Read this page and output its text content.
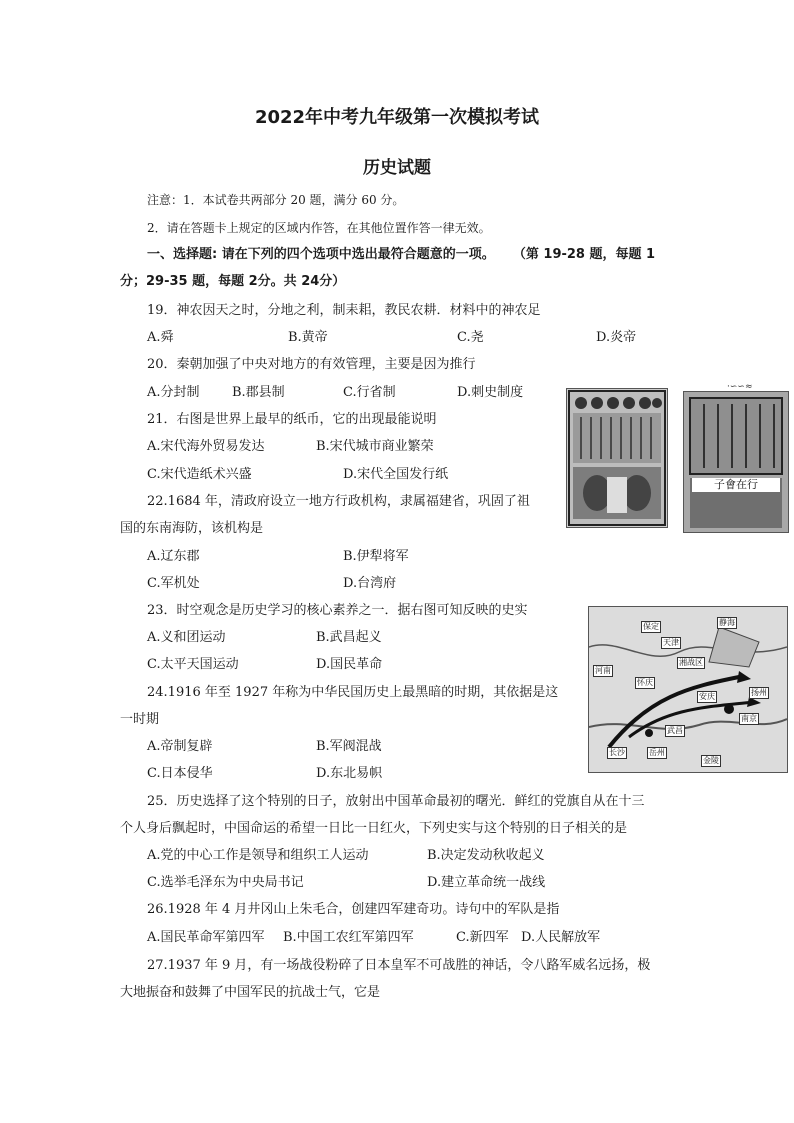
2022年中考九年级第一次模拟考试
历史试题
注意：1．本试卷共两部分 20 题，满分 60 分。
2．请在答题卡上规定的区域内作答，在其他位置作答一律无效。
一、选择题: 请在下列的四个选项中选出最符合题意的一项。 （第 19-28 题，每题 1
分；29-35 题，每题 2分。共 24分）
19．神农因天之时，分地之利，制耒耜，教民农耕．材料中的神农足
A.舜	B.黄帝	C.尧	D.炎帝
20．秦朝加强了中央对地方的有效管理，主要是因为推行
A.分封制 B.郡县制	C.行省制	D.刺史制度
21．右图是世界上最早的纸币，它的出现最能说明
A.宋代海外贸易发达	B.宋代城市商业繁荣
C.宋代造纸术兴盛	D.宋代全国发行纸
22.1684 年，清政府设立一地方行政机构，隶属福建省，巩固了祖
国的东南海防，该机构是
A.辽东郡	B.伊犁将军
C.军机处	D.台湾府
23．时空观念是历史学习的核心素养之一．据右图可知反映的史实
A.义和团运动	B.武昌起义
C.太平天国运动	D.国民革命
24.1916 年至 1927 年称为中华民国历史上最黑暗的时期，其依据是这
一时期
A.帝制复辟	B.军阀混战
C.日本侵华	D.东北易帜
25．历史选择了这个特别的日子，放射出中国革命最初的曙光．鲜红的党旗自从在十三
个人身后飘起时，中国命运的希望一日比一日红火，下列史实与这个特别的日子相关的是
A.党的中心工作是领导和组织工人运动	B.决定发动秋收起义
C.选举毛泽东为中央局书记	D.建立革命统一战线
26.1928 年 4 月井冈山上朱毛合，创建四军建奇功。诗句中的军队是指
A.国民革命军第四军 B.中国工农红军第四军	C.新四军 D.人民解放军
27.1937 年 9 月，有一场战役粉碎了日本皇军不可战胜的神话，令八路军威名远扬，极
大地振奋和鼓舞了中国军民的抗战士气，它是
子會在行
·∽∽≈
保定
天津
静海
河南
湘战区
怀庆
安庆
南京
扬州
武昌
长沙	岳州
金陵
